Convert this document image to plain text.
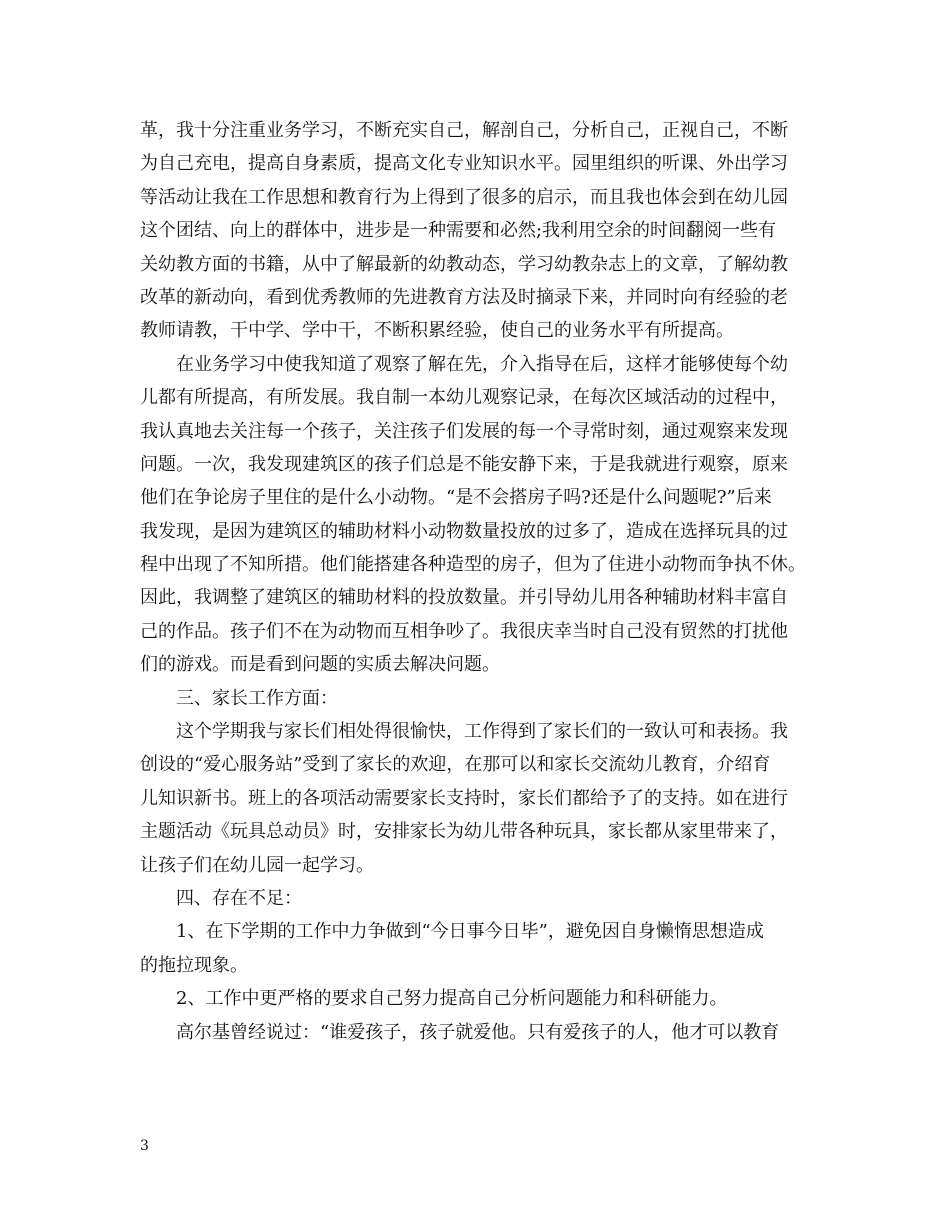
革，我十分注重业务学习，不断充实自己，解剖自己，分析自己，正视自己，不断
为自己充电，提高自身素质，提高文化专业知识水平。园里组织的听课、外出学习
等活动让我在工作思想和教育行为上得到了很多的启示，而且我也体会到在幼儿园
这个团结、向上的群体中，进步是一种需要和必然;我利用空余的时间翻阅一些有
关幼教方面的书籍，从中了解最新的幼教动态，学习幼教杂志上的文章，了解幼教
改革的新动向，看到优秀教师的先进教育方法及时摘录下来，并同时向有经验的老
教师请教，干中学、学中干，不断积累经验，使自己的业务水平有所提高。
　　在业务学习中使我知道了观察了解在先，介入指导在后，这样才能够使每个幼
儿都有所提高，有所发展。我自制一本幼儿观察记录，在每次区域活动的过程中，
我认真地去关注每一个孩子，关注孩子们发展的每一个寻常时刻，通过观察来发现
问题。一次，我发现建筑区的孩子们总是不能安静下来，于是我就进行观察，原来
他们在争论房子里住的是什么小动物。“是不会搭房子吗?还是什么问题呢?”后来
我发现，是因为建筑区的辅助材料小动物数量投放的过多了，造成在选择玩具的过
程中出现了不知所措。他们能搭建各种造型的房子，但为了住进小动物而争执不休。
因此，我调整了建筑区的辅助材料的投放数量。并引导幼儿用各种辅助材料丰富自
己的作品。孩子们不在为动物而互相争吵了。我很庆幸当时自己没有贸然的打扰他
们的游戏。而是看到问题的实质去解决问题。
　　三、家长工作方面：
　　这个学期我与家长们相处得很愉快，工作得到了家长们的一致认可和表扬。我
创设的“爱心服务站”受到了家长的欢迎，在那可以和家长交流幼儿教育，介绍育
儿知识新书。班上的各项活动需要家长支持时，家长们都给予了的支持。如在进行
主题活动《玩具总动员》时，安排家长为幼儿带各种玩具，家长都从家里带来了，
让孩子们在幼儿园一起学习。
　　四、存在不足：
　　1、在下学期的工作中力争做到“今日事今日毕”，避免因自身懒惰思想造成
的拖拉现象。
　　2、工作中更严格的要求自己努力提高自己分析问题能力和科研能力。
　　高尔基曾经说过：“谁爱孩子，孩子就爱他。只有爱孩子的人，他才可以教育
3
